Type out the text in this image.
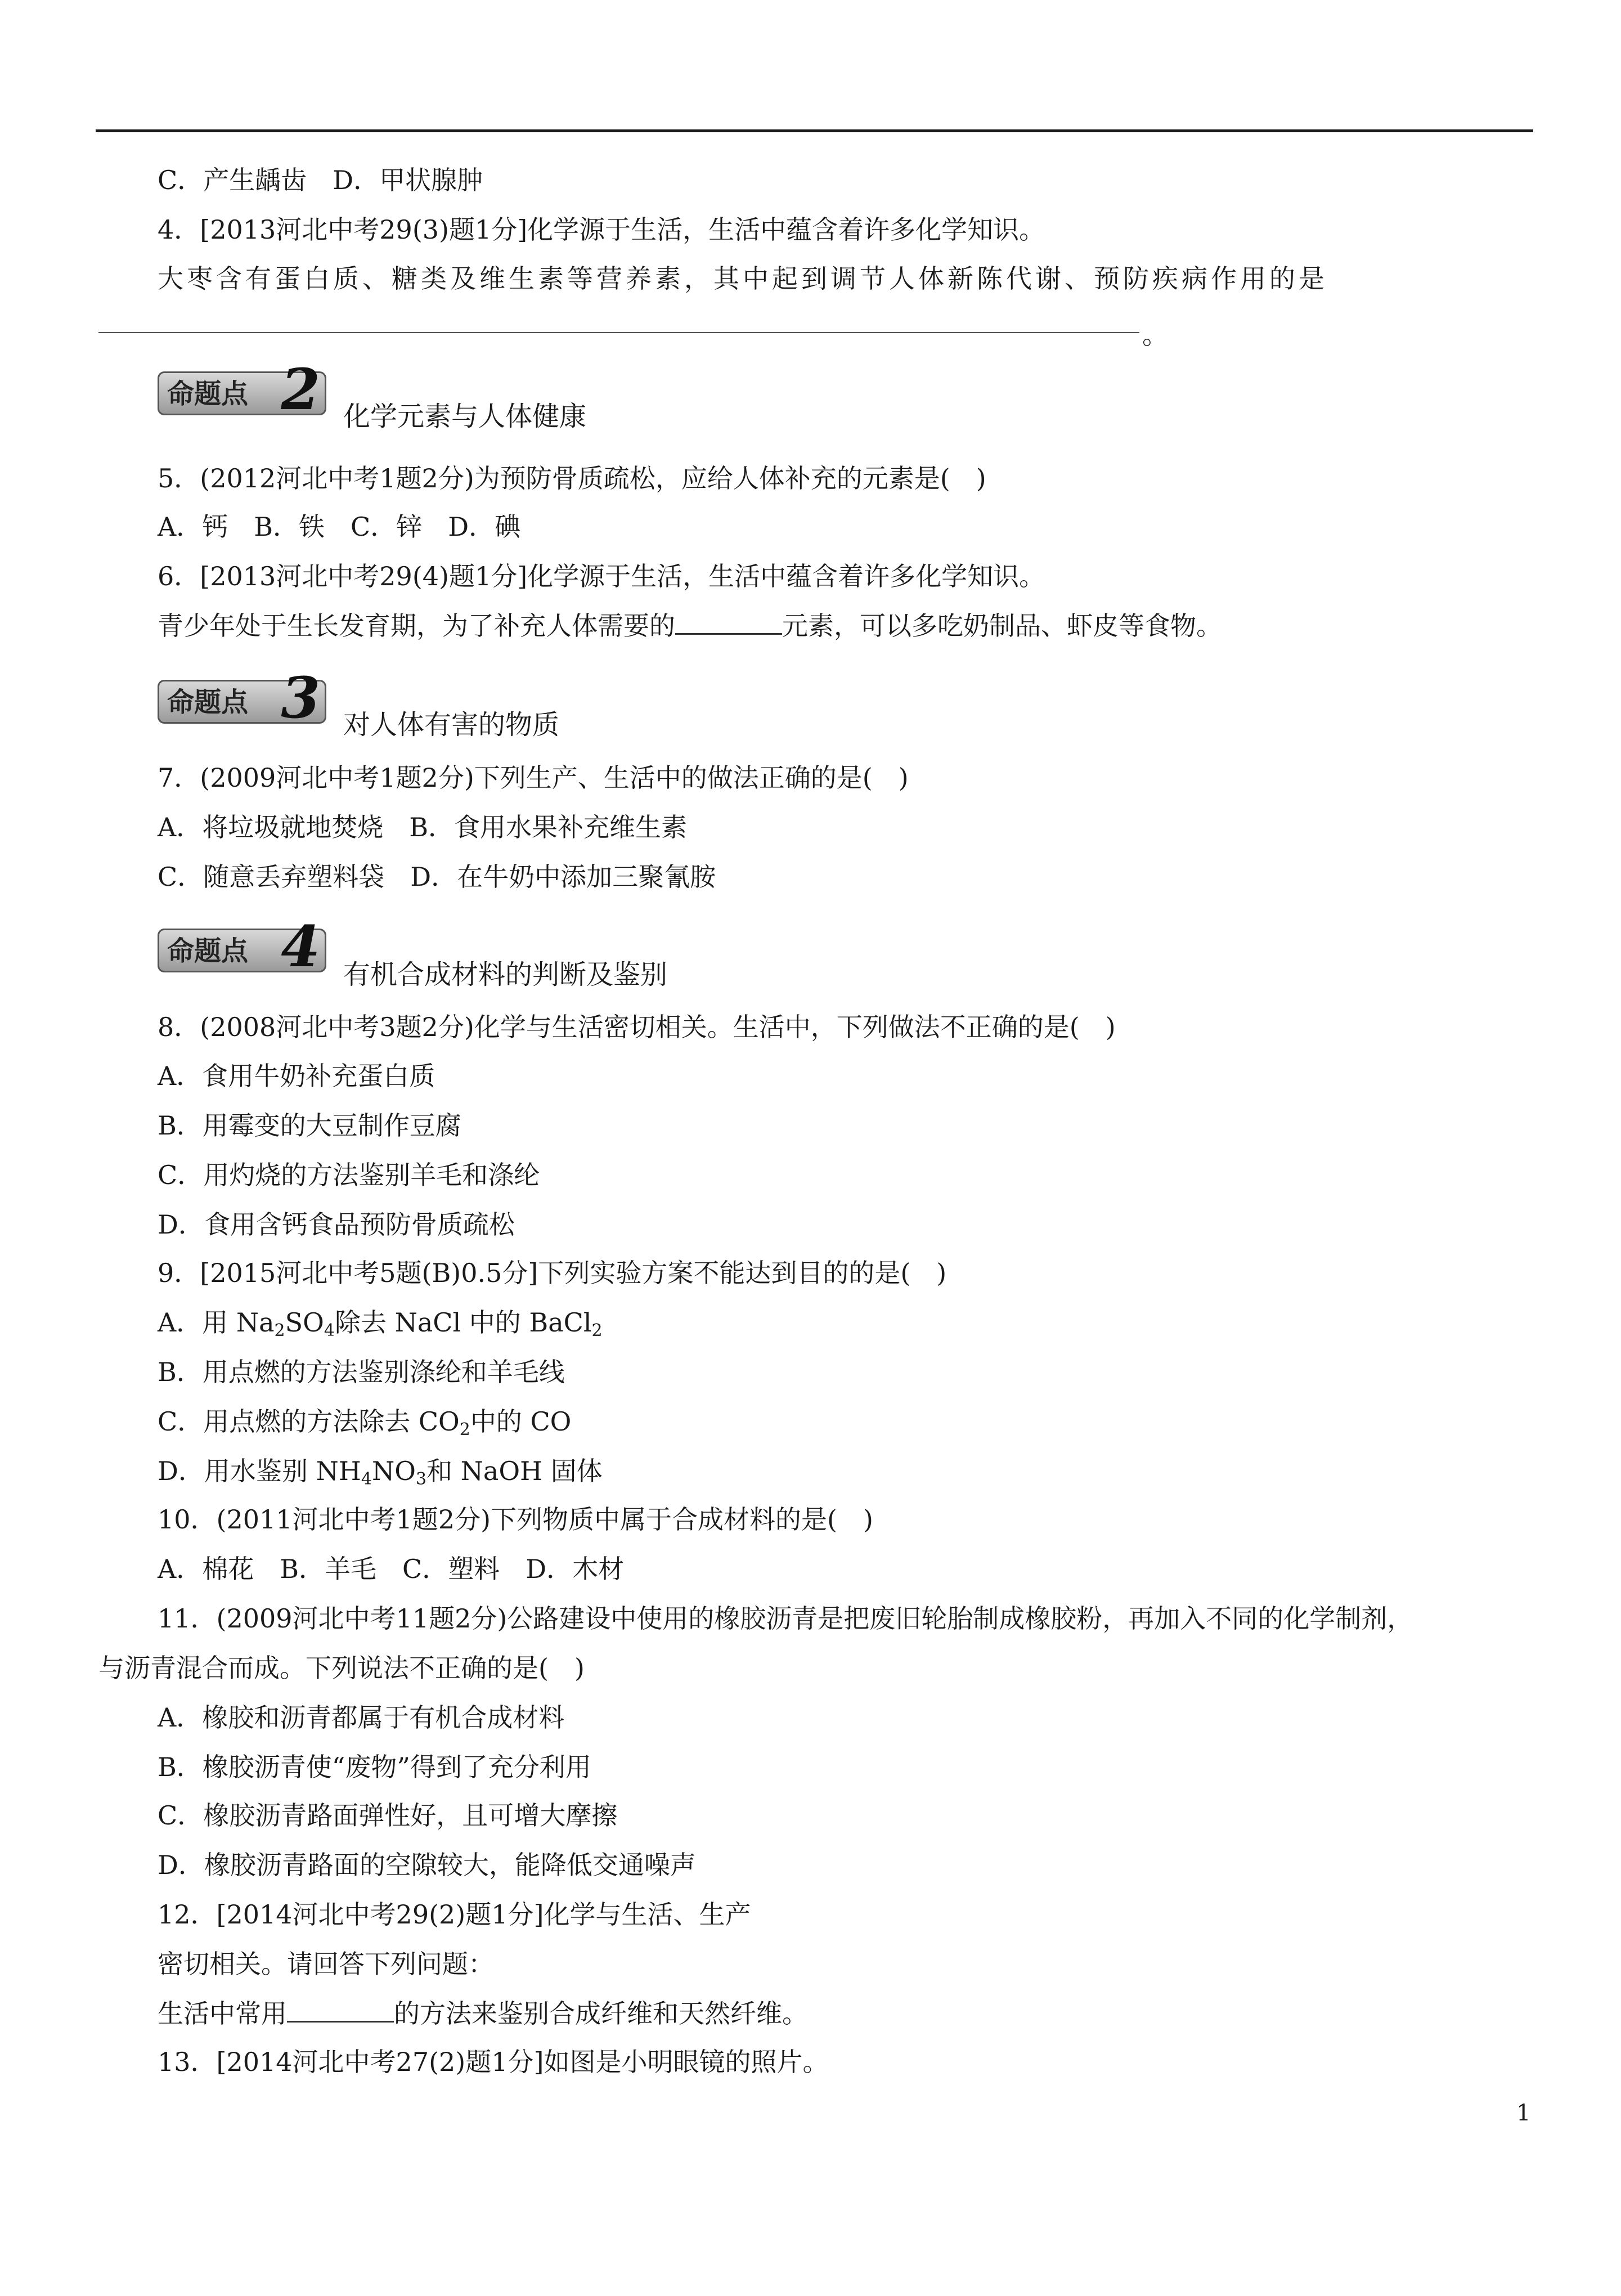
C．产生龋齿　D．甲状腺肿
4．[2013河北中考29(3)题1分]化学源于生活，生活中蕴含着许多化学知识。
大枣含有蛋白质、糖类及维生素等营养素，其中起到调节人体新陈代谢、预防疾病作用的是
。
命题点 2 化学元素与人体健康
5．(2012河北中考1题2分)为预防骨质疏松，应给人体补充的元素是(　)
A．钙　B．铁　C．锌　D．碘
6．[2013河北中考29(4)题1分]化学源于生活，生活中蕴含着许多化学知识。
青少年处于生长发育期，为了补充人体需要的	元素，可以多吃奶制品、虾皮等食物。
命题点 3 对人体有害的物质
7．(2009河北中考1题2分)下列生产、生活中的做法正确的是(　)
A．将垃圾就地焚烧　B．食用水果补充维生素
C．随意丢弃塑料袋　D．在牛奶中添加三聚氰胺
命题点 4 有机合成材料的判断及鉴别
8．(2008河北中考3题2分)化学与生活密切相关。生活中，下列做法不正确的是(　)
A．食用牛奶补充蛋白质
B．用霉变的大豆制作豆腐
C．用灼烧的方法鉴别羊毛和涤纶
D．食用含钙食品预防骨质疏松
9．[2015河北中考5题(B)0.5分]下列实验方案不能达到目的的是(　)
A．用 $Na_2SO_4$除去 NaCl 中的 BaCl$_2$
B．用点燃的方法鉴别涤纶和羊毛线
C．用点燃的方法除去 $CO_2$中的 CO
D．用水鉴别 $NH_4NO_3$和 NaOH 固体
10．(2011河北中考1题2分)下列物质中属于合成材料的是(　)
A．棉花　B．羊毛　C．塑料　D．木材
11．(2009河北中考11题2分)公路建设中使用的橡胶沥青是把废旧轮胎制成橡胶粉，再加入不同的化学制剂，
与沥青混合而成。下列说法不正确的是(　)
A．橡胶和沥青都属于有机合成材料
B．橡胶沥青使“废物”得到了充分利用
C．橡胶沥青路面弹性好，且可增大摩擦
D．橡胶沥青路面的空隙较大，能降低交通噪声
12．[2014河北中考29(2)题1分]化学与生活、生产
密切相关。请回答下列问题：
生活中常用	的方法来鉴别合成纤维和天然纤维。
13．[2014河北中考27(2)题1分]如图是小明眼镜的照片。
1
